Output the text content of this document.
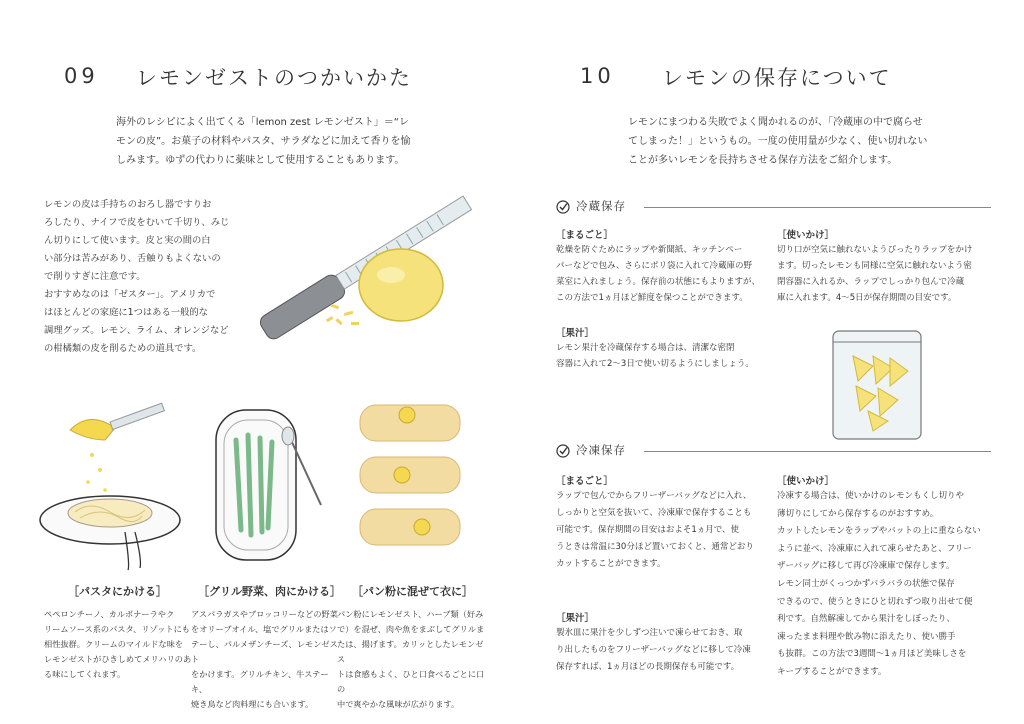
09 レモンゼストのつかいかた
海外のレシピによく出てくる「lemon zest レモンゼスト」＝“レ
モンの皮”。お菓子の材料やパスタ、サラダなどに加えて香りを愉
しみます。ゆずの代わりに薬味として使用することもあります。
レモンの皮は手持ちのおろし器ですりお
ろしたり、ナイフで皮をむいて千切り、みじ
ん切りにして使います。皮と実の間の白
い部分は苦みがあり、舌触りもよくないの
で削りすぎに注意です。
おすすめなのは「ゼスター」。アメリカで
はほとんどの家庭に1つはある一般的な
調理グッズ。レモン、ライム、オレンジなど
の柑橘類の皮を削るための道具です。
［パスタにかける］	［グリル野菜、肉にかける］ ［パン粉に混ぜて衣に］
ペペロンチーノ、カルボナーラやク
リームソース系のパスタ、リゾットにも
相性抜群。クリームのマイルドな味を
レモンゼストがひきしめてメリハリのあ
る味にしてくれます。
アスパラガスやブロッコリーなどの野菜
をオリーブオイル、塩でグリルまたはソ
テーし、パルメザンチーズ、レモンゼスト
をかけます。グリルチキン、牛ステーキ、
焼き鳥など肉料理にも合います。
パン粉にレモンゼスト、ハーブ類（好み
で）を混ぜ、肉や魚をまぶしてグリルま
たは、揚げます。カリッとしたレモンゼス
トは食感もよく、ひと口食べるごとに口の
中で爽やかな風味が広がります。
10 レモンの保存について
レモンにまつわる失敗でよく聞かれるのが、「冷蔵庫の中で腐らせ
てしまった！」というもの。一度の使用量が少なく、使い切れない
ことが多いレモンを長持ちさせる保存方法をご紹介します。
冷蔵保存
［まるごと］
乾燥を防ぐためにラップや新聞紙、キッチンペー
パーなどで包み、さらにポリ袋に入れて冷蔵庫の野
菜室に入れましょう。保存前の状態にもよりますが、
この方法で1ヵ月ほど鮮度を保つことができます。
［使いかけ］
切り口が空気に触れないようぴったりラップをかけ
ます。切ったレモンも同様に空気に触れないよう密
閉容器に入れるか、ラップでしっかり包んで冷蔵
庫に入れます。4〜5日が保存期間の目安です。
［果汁］
レモン果汁を冷蔵保存する場合は、清潔な密閉
容器に入れて2〜3日で使い切るようにしましょう。
冷凍保存
［まるごと］
ラップで包んでからフリーザーバッグなどに入れ、
しっかりと空気を抜いて、冷凍庫で保存することも
可能です。保存期間の目安はおよそ1ヵ月で、使
うときは常温に30分ほど置いておくと、通常どおり
カットすることができます。
［使いかけ］
冷凍する場合は、使いかけのレモンもくし切りや
薄切りにしてから保存するのがおすすめ。
カットしたレモンをラップやバットの上に重ならない
ように並べ、冷凍庫に入れて凍らせたあと、フリー
ザーバッグに移して再び冷凍庫で保存します。
レモン同士がくっつかずバラバラの状態で保存
できるので、使うときにひと切れずつ取り出せて便
利です。自然解凍してから果汁をしぼったり、
凍ったまま料理や飲み物に添えたり、使い勝手
も抜群。この方法で3週間〜1ヵ月ほど美味しさを
キープすることができます。
［果汁］
製氷皿に果汁を少しずつ注いで凍らせておき、取
り出したものをフリーザーバッグなどに移して冷凍
保存すれば、1ヵ月ほどの長期保存も可能です。
